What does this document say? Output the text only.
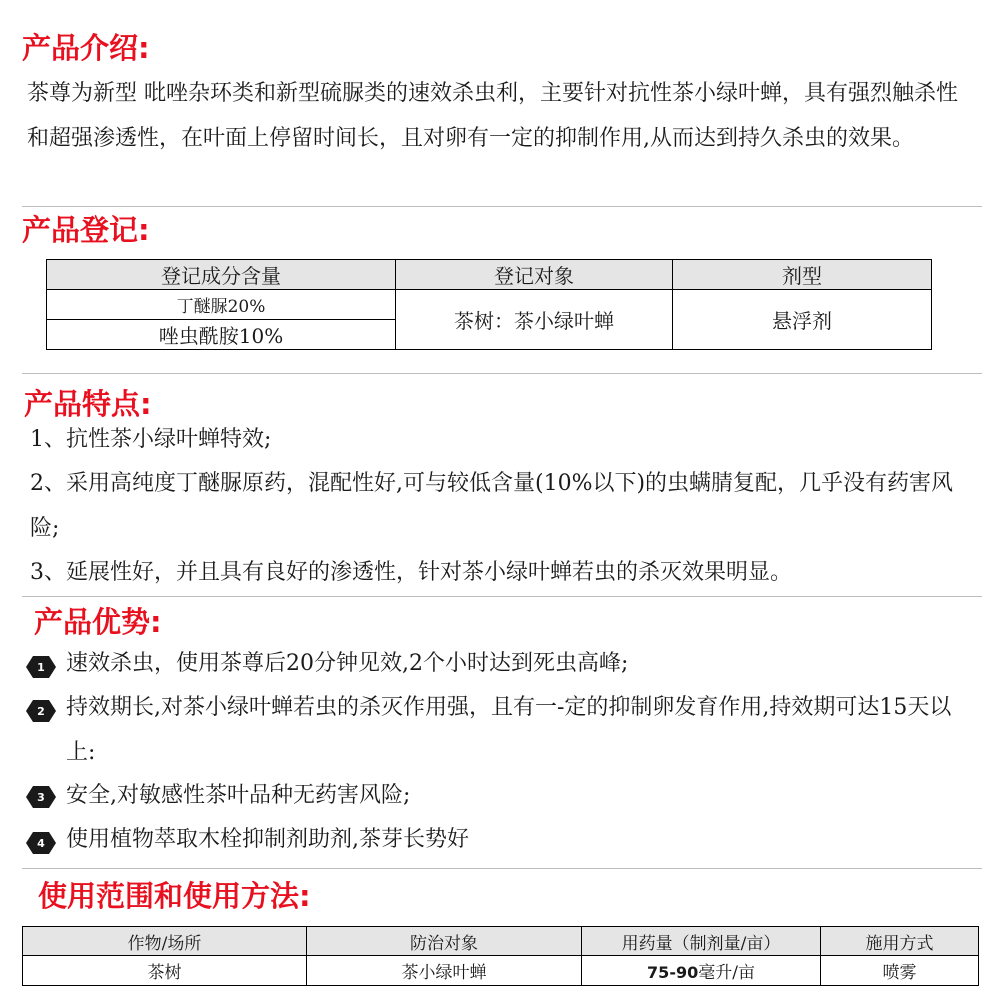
产品介绍:

茶尊为新型 吡唑杂环类和新型硫脲类的速效杀虫利，主要针对抗性茶小绿叶蝉，具有强烈触杀性和超强渗透性，在叶面上停留时间长，且对卵有一定的抑制作用,从而达到持久杀虫的效果。

产品登记:
登记成分含量	登记对象	剂型
丁醚脲20%	茶树：茶小绿叶蝉	悬浮剂
唑虫酰胺10%		
产品特点:

1、抗性茶小绿叶蝉特效;

2、采用高纯度丁醚脲原药，混配性好,可与较低含量(10%以下)的虫螨腈复配，几乎没有药害风险;

3、延展性好，并且具有良好的渗透性，针对茶小绿叶蝉若虫的杀灭效果明显。

产品优势:
1 速效杀虫，使用茶尊后20分钟见效,2个小时达到死虫高峰;

2 持效期长,对茶小绿叶蝉若虫的杀灭作用强，且有一-定的抑制卵发育作用,持效期可达15天以上:

3 安全,对敏感性茶叶品种无药害风险;

4 使用植物萃取木栓抑制剂助剂,茶芽长势好

使用范围和使用方法:
作物/场所	防治对象	用药量（制剂量/亩）	施用方式
茶树	茶小绿叶蝉	75-90毫升/亩	喷雾
